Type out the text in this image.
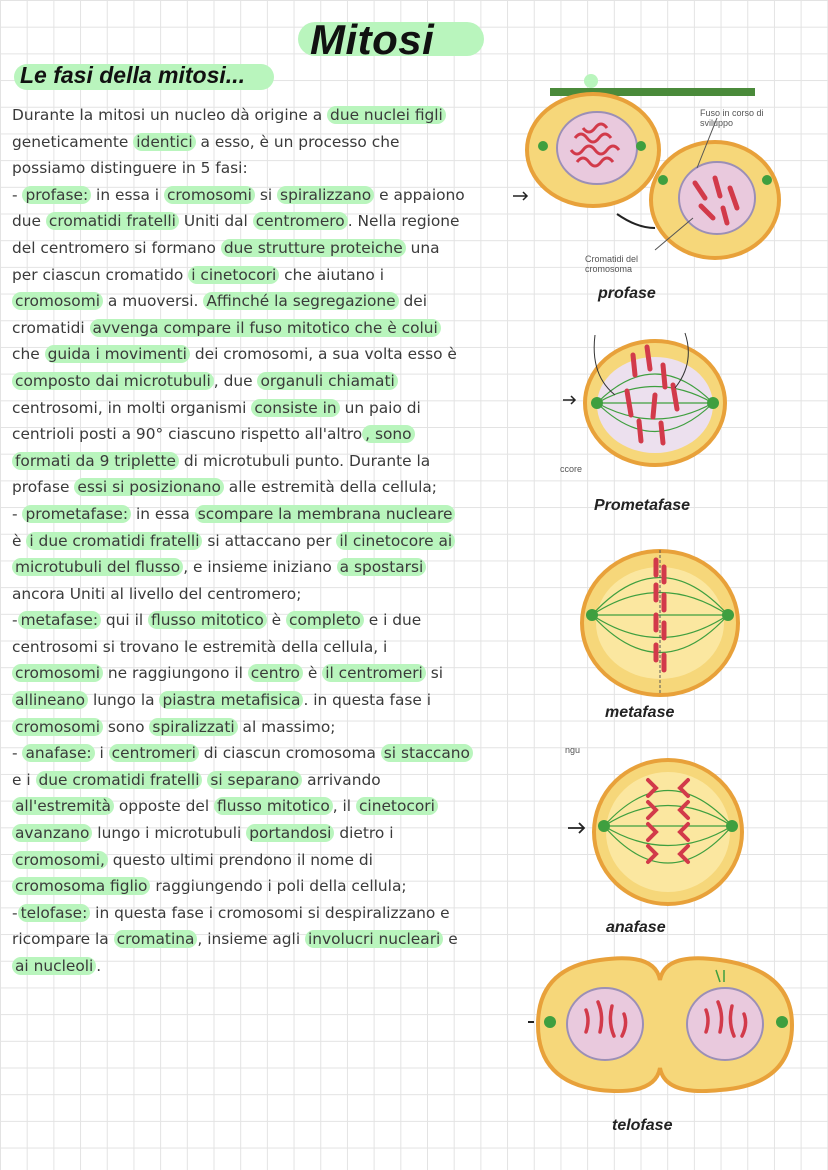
Mitosi
Le fasi della mitosi...
Durante la mitosi un nucleo dà origine a due nuclei figli
geneticamente identici a esso, è un processo che
possiamo distinguere in 5 fasi:
- profase: in essa i cromosomi si spiralizzano e appaiono
due cromatidi fratelli Uniti dal centromero . Nella regione
del centromero si formano due strutture proteiche una
per ciascun cromatido i cinetocori che aiutano i
cromosomi a muoversi. Affinché la segregazione dei
cromatidi avvenga compare il fuso mitotico che è colui
che guida i movimenti dei cromosomi, a sua volta esso è
composto dai microtubuli , due organuli chiamati
centrosomi, in molti organismi consiste in un paio di
centrioli posti a 90° ciascuno rispetto all'altro , sono
formati da 9 triplette di microtubuli punto. Durante la
profase essi si posizionano alle estremità della cellula;
- prometafase: in essa scompare la membrana nucleare
è i due cromatidi fratelli si attaccano per il cinetocore ai
microtubuli del flusso , e insieme iniziano a spostarsi
ancora Uniti al livello del centromero;
- metafase: qui il flusso mitotico è completo e i due
centrosomi si trovano le estremità della cellula, i
cromosomi ne raggiungono il centro è il centromeri si
allineano lungo la piastra metafisica . in questa fase i
cromosomi sono spiralizzati al massimo;
- anafase: i centromeri di ciascun cromosoma si staccano
e i due cromatidi fratelli si separano arrivando
all'estremità opposte del flusso mitotico , il cinetocori
avanzano lungo i microtubuli portandosi dietro i
cromosomi, questo ultimi prendono il nome di
cromosoma figlio raggiungendo i poli della cellula;
- telofase: in questa fase i cromosomi si despiralizzano e
ricompare la cromatina , insieme agli involucri nucleari e
ai nucleoli .
Fuso in corso di sviluppo
Cromatidi del cromosoma
profase
ccore
Prometafase
metafase
ngu
anafase
telofase
